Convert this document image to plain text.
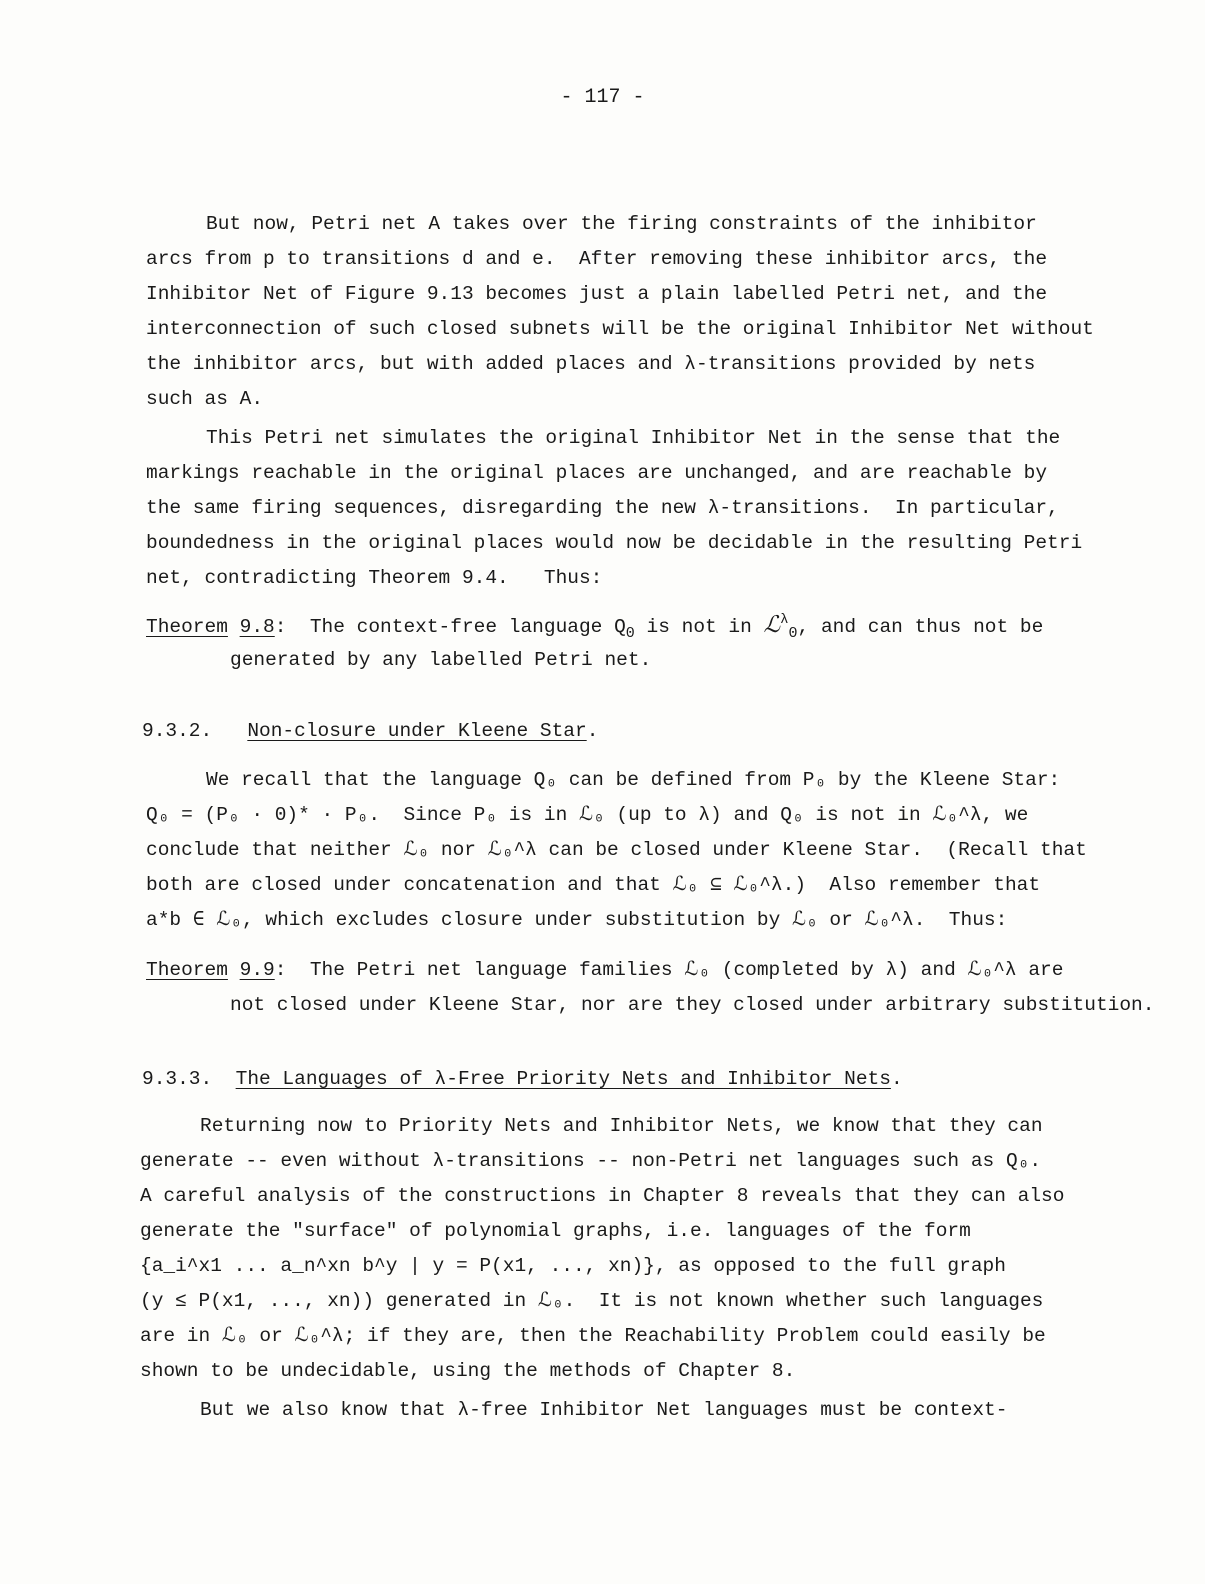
- 117 -
But now, Petri net A takes over the firing constraints of the inhibitor
arcs from p to transitions d and e.  After removing these inhibitor arcs, the
Inhibitor Net of Figure 9.13 becomes just a plain labelled Petri net, and the
interconnection of such closed subnets will be the original Inhibitor Net without
the inhibitor arcs, but with added places and λ-transitions provided by nets
such as A.
This Petri net simulates the original Inhibitor Net in the sense that the
markings reachable in the original places are unchanged, and are reachable by
the same firing sequences, disregarding the new λ-transitions.  In particular,
boundedness in the original places would now be decidable in the resulting Petri
net, contradicting Theorem 9.4.   Thus:
Theorem 9.8:  The context-free language $Q_0$ is not in ℒ$^\lambda_0$, and can thus not be
generated by any labelled Petri net.
9.3.2. Non-closure under Kleene Star.
We recall that the language Q₀ can be defined from P₀ by the Kleene Star:
Q₀ = (P₀ · 0)* · P₀.  Since P₀ is in ℒ₀ (up to λ) and Q₀ is not in ℒ₀^λ, we
conclude that neither ℒ₀ nor ℒ₀^λ can be closed under Kleene Star.  (Recall that
both are closed under concatenation and that ℒ₀ ⊆ ℒ₀^λ.)  Also remember that
a*b ∈ ℒ₀, which excludes closure under substitution by ℒ₀ or ℒ₀^λ.  Thus:
Theorem 9.9:  The Petri net language families ℒ₀ (completed by λ) and ℒ₀^λ are
not closed under Kleene Star, nor are they closed under arbitrary substitution.
9.3.3. The Languages of λ-Free Priority Nets and Inhibitor Nets.
Returning now to Priority Nets and Inhibitor Nets, we know that they can
generate -- even without λ-transitions -- non-Petri net languages such as Q₀.
A careful analysis of the constructions in Chapter 8 reveals that they can also
generate the "surface" of polynomial graphs, i.e. languages of the form
{a_i^x1 ... a_n^xn b^y | y = P(x1, ..., xn)}, as opposed to the full graph
(y ≤ P(x1, ..., xn)) generated in ℒ₀.  It is not known whether such languages
are in ℒ₀ or ℒ₀^λ; if they are, then the Reachability Problem could easily be
shown to be undecidable, using the methods of Chapter 8.
But we also know that λ-free Inhibitor Net languages must be context-
